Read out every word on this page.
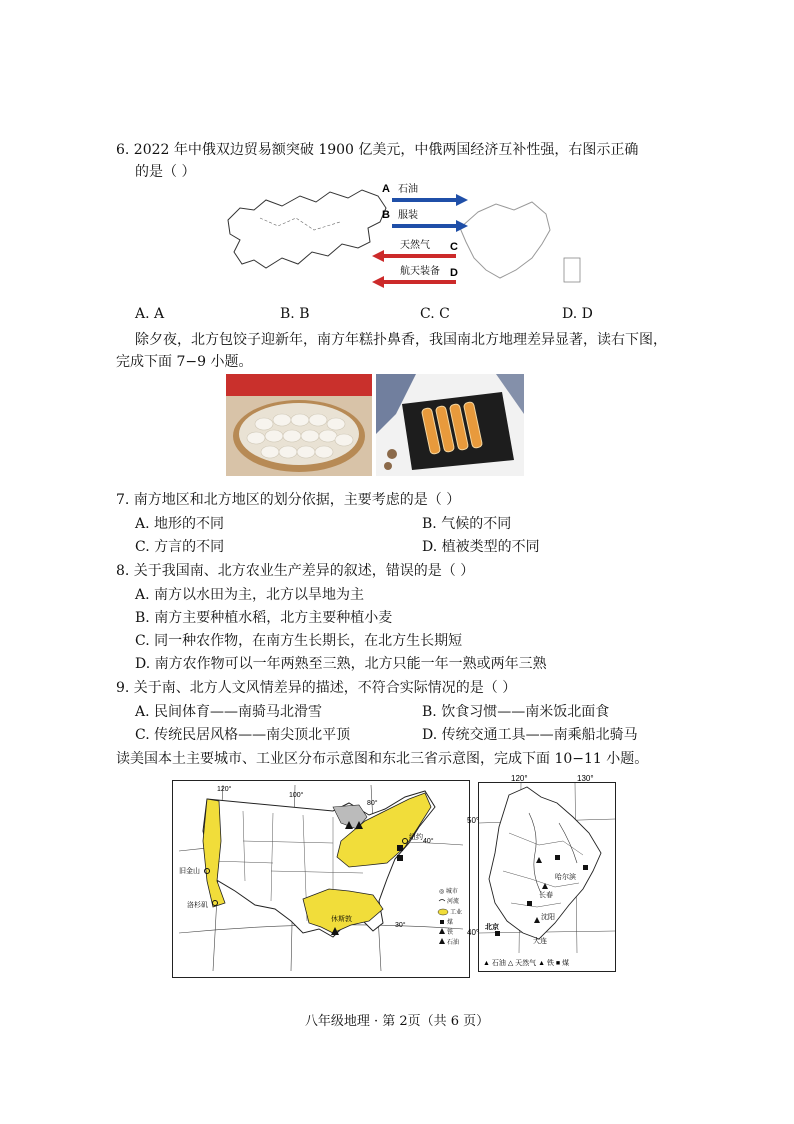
6. 2022 年中俄双边贸易额突破 1900 亿美元，中俄两国经济互补性强，右图示正确
的是（ ）
A 石油
B 服装
C
天然气
D
航天装备
A. A	B. B	C. C	D. D
除夕夜，北方包饺子迎新年，南方年糕扑鼻香，我国南北方地理差异显著，读右下图，
完成下面 7−9 小题。
7. 南方地区和北方地区的划分依据，主要考虑的是（ ）
A. 地形的不同	B. 气候的不同
C. 方言的不同	D. 植被类型的不同
8. 关于我国南、北方农业生产差异的叙述，错误的是（ ）
A. 南方以水田为主，北方以旱地为主
B. 南方主要种植水稻，北方主要种植小麦
C. 同一种农作物，在南方生长期长，在北方生长期短
D. 南方农作物可以一年两熟至三熟，北方只能一年一熟或两年三熟
9. 关于南、北方人文风情差异的描述，不符合实际情况的是（ ）
A. 民间体育——南骑马北滑雪	B. 饮食习惯——南米饭北面食
C. 传统民居风格——南尖顶北平顶	D. 传统交通工具——南乘船北骑马
读美国本土主要城市、工业区分布示意图和东北三省示意图，完成下面 10−11 小题。
120°
100°
80°
40°
30°
旧金山
洛杉矶
休斯敦
纽约
◎ 城市
河流
工业
煤
铁
石油
120°
哈尔滨
长春
沈阳
大连
北京
130°
50°
40°
▲ 石油 △ 天然气 ▲ 铁 ■ 煤
八年级地理 · 第 2页（共 6 页）
